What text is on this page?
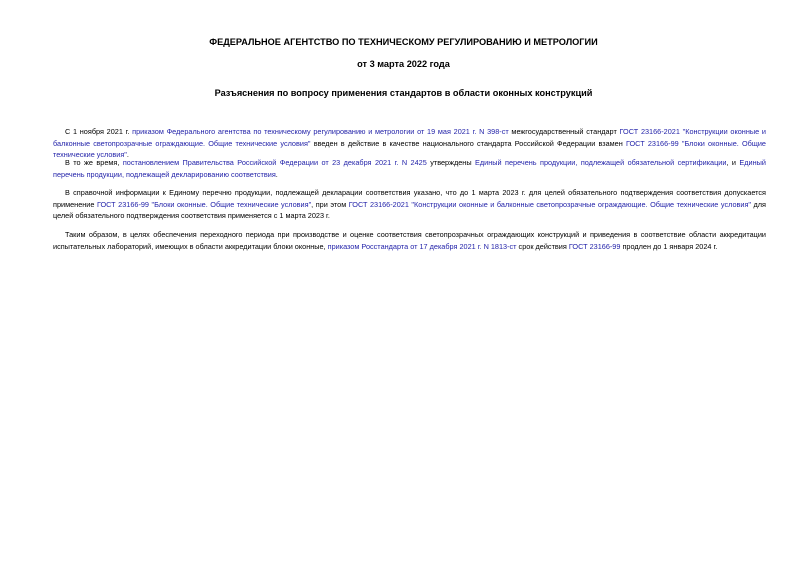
ФЕДЕРАЛЬНОЕ АГЕНТСТВО ПО ТЕХНИЧЕСКОМУ РЕГУЛИРОВАНИЮ И МЕТРОЛОГИИ
от 3 марта 2022 года
Разъяснения по вопросу применения стандартов в области оконных конструкций

С 1 ноября 2021 г. приказом Федерального агентства по техническому регулированию и метрологии от 19 мая 2021 г. N 398-ст межгосударственный стандарт ГОСТ 23166-2021 "Конструкции оконные и балконные светопрозрачные ограждающие. Общие технические условия" введен в действие в качестве национального стандарта Российской Федерации взамен ГОСТ 23166-99 "Блоки оконные. Общие технические условия".

В то же время, постановлением Правительства Российской Федерации от 23 декабря 2021 г. N 2425 утверждены Единый перечень продукции, подлежащей обязательной сертификации, и Единый перечень продукции, подлежащей декларированию соответствия.

В справочной информации к Единому перечню продукции, подлежащей декларации соответствия указано, что до 1 марта 2023 г. для целей обязательного подтверждения соответствия допускается применение ГОСТ 23166-99 "Блоки оконные. Общие технические условия", при этом ГОСТ 23166-2021 "Конструкции оконные и балконные светопрозрачные ограждающие. Общие технические условия" для целей обязательного подтверждения соответствия применяется с 1 марта 2023 г.

Таким образом, в целях обеспечения переходного периода при производстве и оценке соответствия светопрозрачных ограждающих конструкций и приведения в соответствие области аккредитации испытательных лабораторий, имеющих в области аккредитации блоки оконные, приказом Росстандарта от 17 декабря 2021 г. N 1813-ст срок действия ГОСТ 23166-99 продлен до 1 января 2024 г.
